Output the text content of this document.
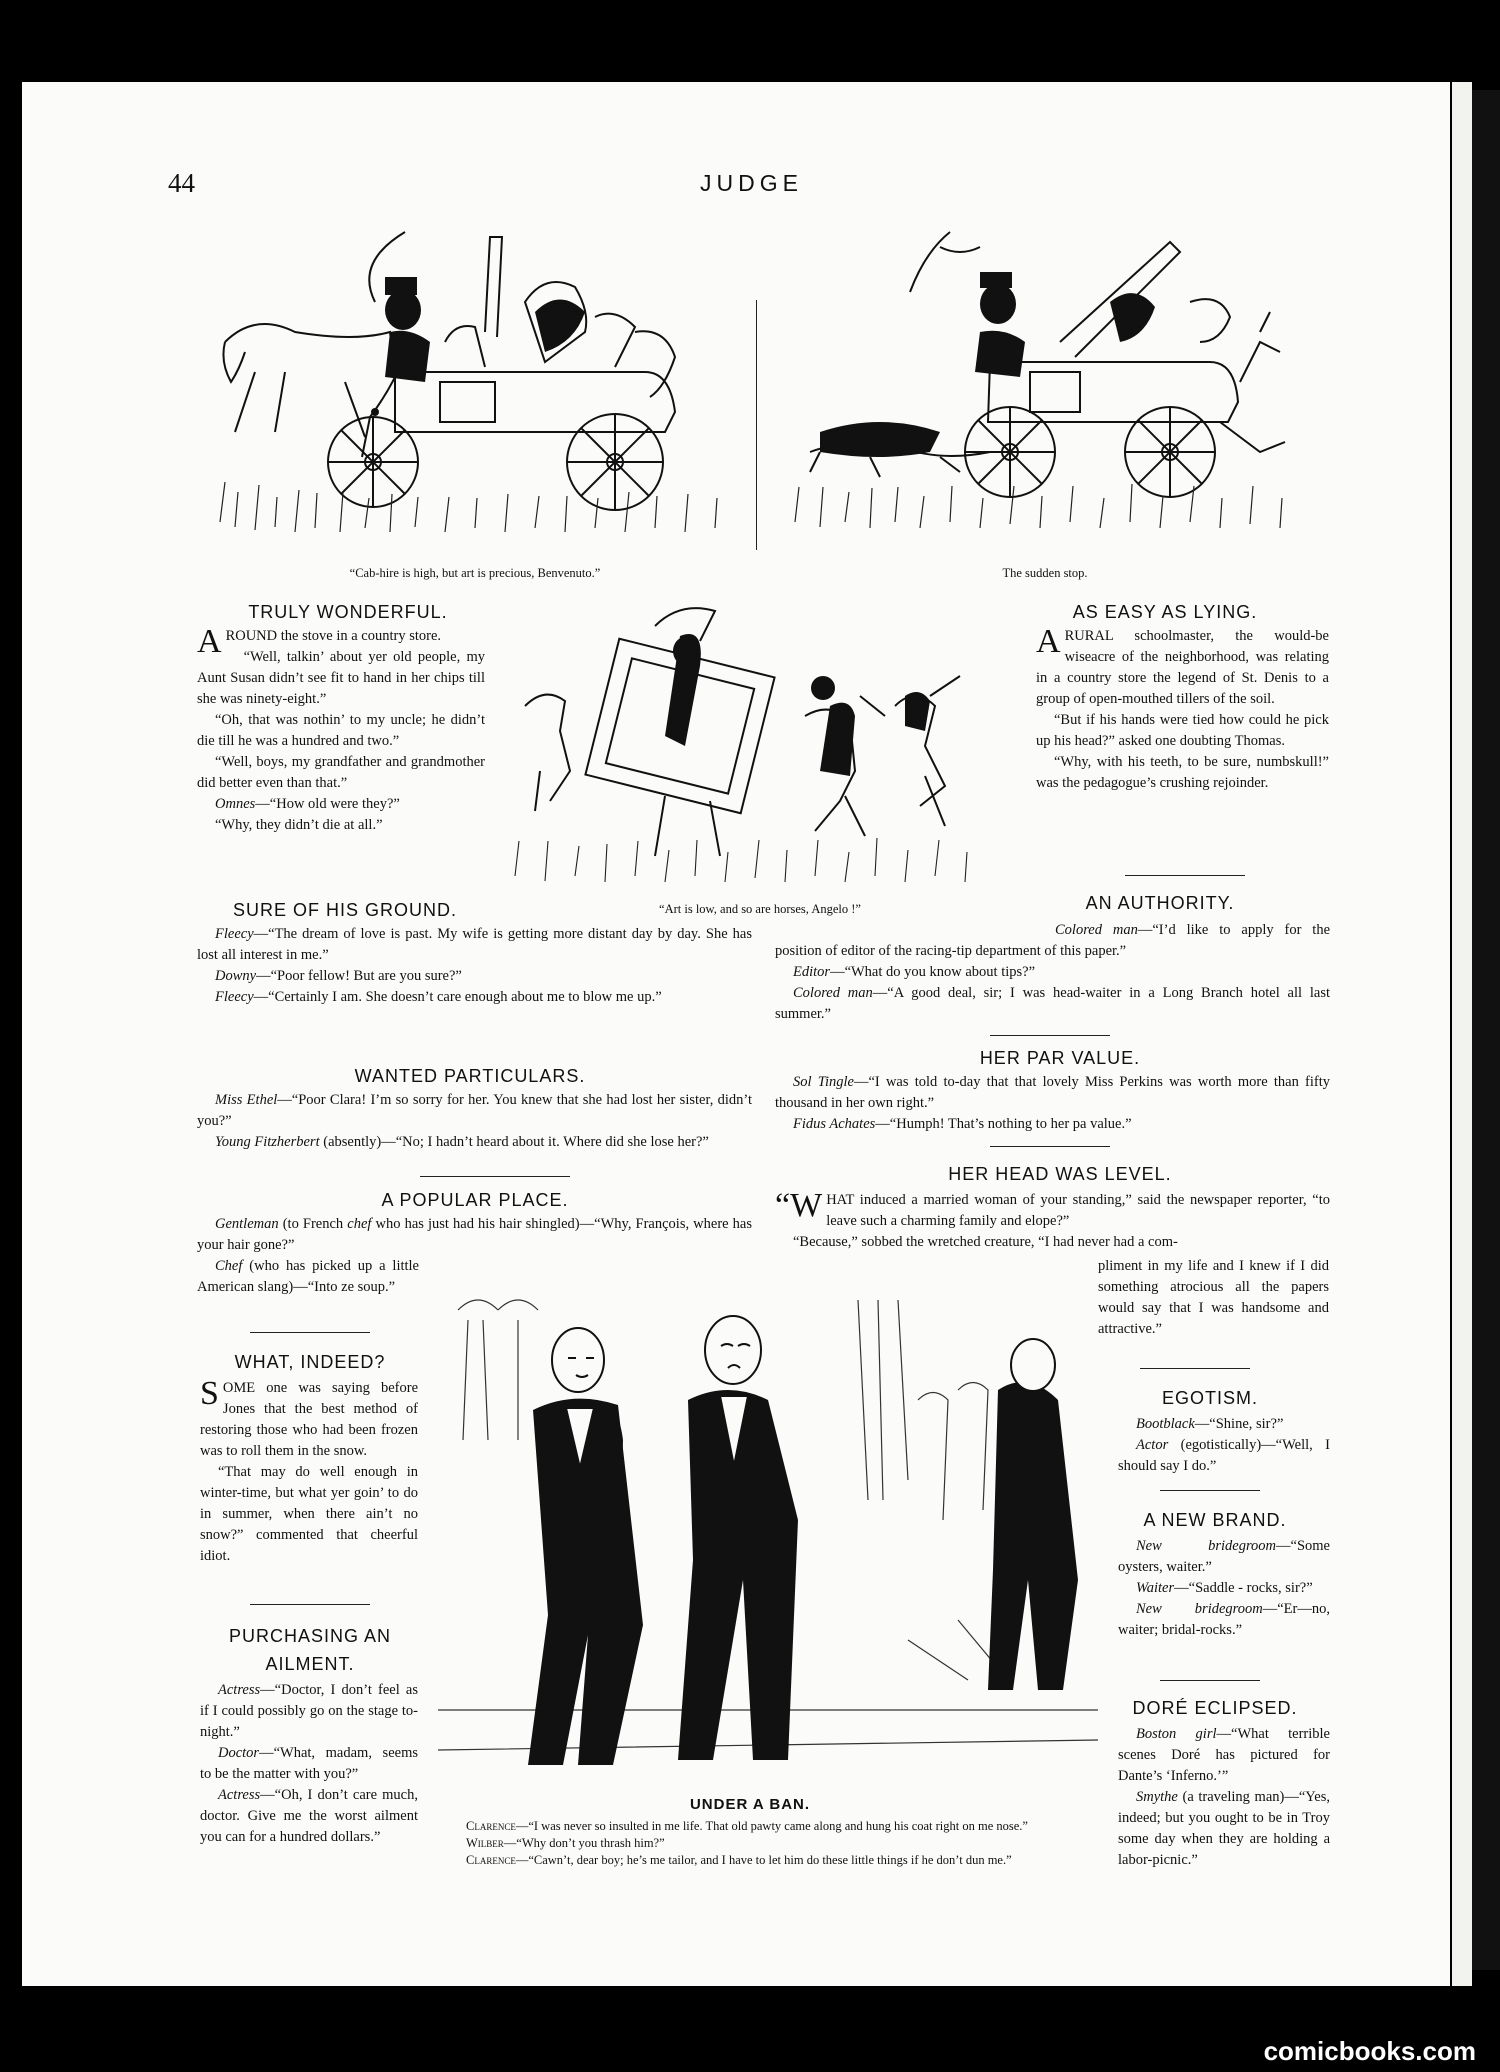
44	JUDGE
“Cab-hire is high, but art is precious, Benvenuto.”	The sudden stop.
TRULY WONDERFUL.

AROUND the stove in a country store.

“Well, talkin’ about yer old people, my Aunt Susan didn’t see fit to hand in her chips till she was ninety-eight.”

“Oh, that was nothin’ to my uncle; he didn’t die till he was a hundred and two.”

“Well, boys, my grandfather and grandmother did better even than that.”

Omnes—“How old were they?”

“Why, they didn’t die at all.”

SURE OF HIS GROUND.

Fleecy—“The dream of love is past. My wife is getting more distant day by day. She has lost all interest in me.”

Downy—“Poor fellow! But are you sure?”

Fleecy—“Certainly I am. She doesn’t care enough about me to blow me up.”

WANTED PARTICULARS.

Miss Ethel—“Poor Clara! I’m so sorry for her. You knew that she had lost her sister, didn’t you?”

Young Fitzherbert (absently)—“No; I hadn’t heard about it. Where did she lose her?”

A POPULAR PLACE.

Gentleman (to French chef who has just had his hair shingled)—“Why, François, where has your hair gone?”

Chef (who has picked up a little American slang)—“Into ze soup.”

WHAT, INDEED?

SOME one was saying before Jones that the best method of restoring those who had been frozen was to roll them in the snow.

“That may do well enough in winter-time, but what yer goin’ to do in summer, when there ain’t no snow?” commented that cheerful idiot.

PURCHASING AN
AILMENT.

Actress—“Doctor, I don’t feel as if I could possibly go on the stage to-night.”

Doctor—“What, madam, seems to be the matter with you?”

Actress—“Oh, I don’t care much, doctor. Give me the worst ailment you can for a hundred dollars.”

“Art is low, and so are horses, Angelo !”
AS EASY AS LYING.

ARURAL schoolmaster, the would-be wiseacre of the neighborhood, was relating in a country store the legend of St. Denis to a group of open-mouthed tillers of the soil.

“But if his hands were tied how could he pick up his head?” asked one doubting Thomas.

“Why, with his teeth, to be sure, numbskull!” was the pedagogue’s crushing rejoinder.

AN AUTHORITY.

Colored man—“I’d like to apply for the position of editor of the racing-tip department of this paper.”

Editor—“What do you know about tips?”

Colored man—“A good deal, sir; I was head-waiter in a Long Branch hotel all last summer.”

HER PAR VALUE.

Sol Tingle—“I was told to-day that that lovely Miss Perkins was worth more than fifty thousand in her own right.”

Fidus Achates—“Humph! That’s nothing to her pa value.”

HER HEAD WAS LEVEL.

“WHAT induced a married woman of your standing,” said the newspaper reporter, “to leave such a charming family and elope?”

“Because,” sobbed the wretched creature, “I had never had a com-

pliment in my life and I knew if I did something atrocious all the papers would say that I was handsome and attractive.”

EGOTISM.

Bootblack—“Shine, sir?”

Actor (egotistically)—“Well, I should say I do.”

A NEW BRAND.

New bridegroom—“Some oysters, waiter.”

Waiter—“Saddle - rocks, sir?”

New bridegroom—“Er—no, waiter; bridal-rocks.”

DORÉ ECLIPSED.

Boston girl—“What terrible scenes Doré has pictured for Dante’s ‘Inferno.’”

Smythe (a traveling man)—“Yes, indeed; but you ought to be in Troy some day when they are holding a labor-picnic.”

UNDER A BAN.

Clarence—“I was never so insulted in me life. That old pawty came along and hung his coat right on me nose.”

Wilber—“Why don’t you thrash him?”

Clarence—“Cawn’t, dear boy; he’s me tailor, and I have to let him do these little things if he don’t dun me.”

comicbooks.com
